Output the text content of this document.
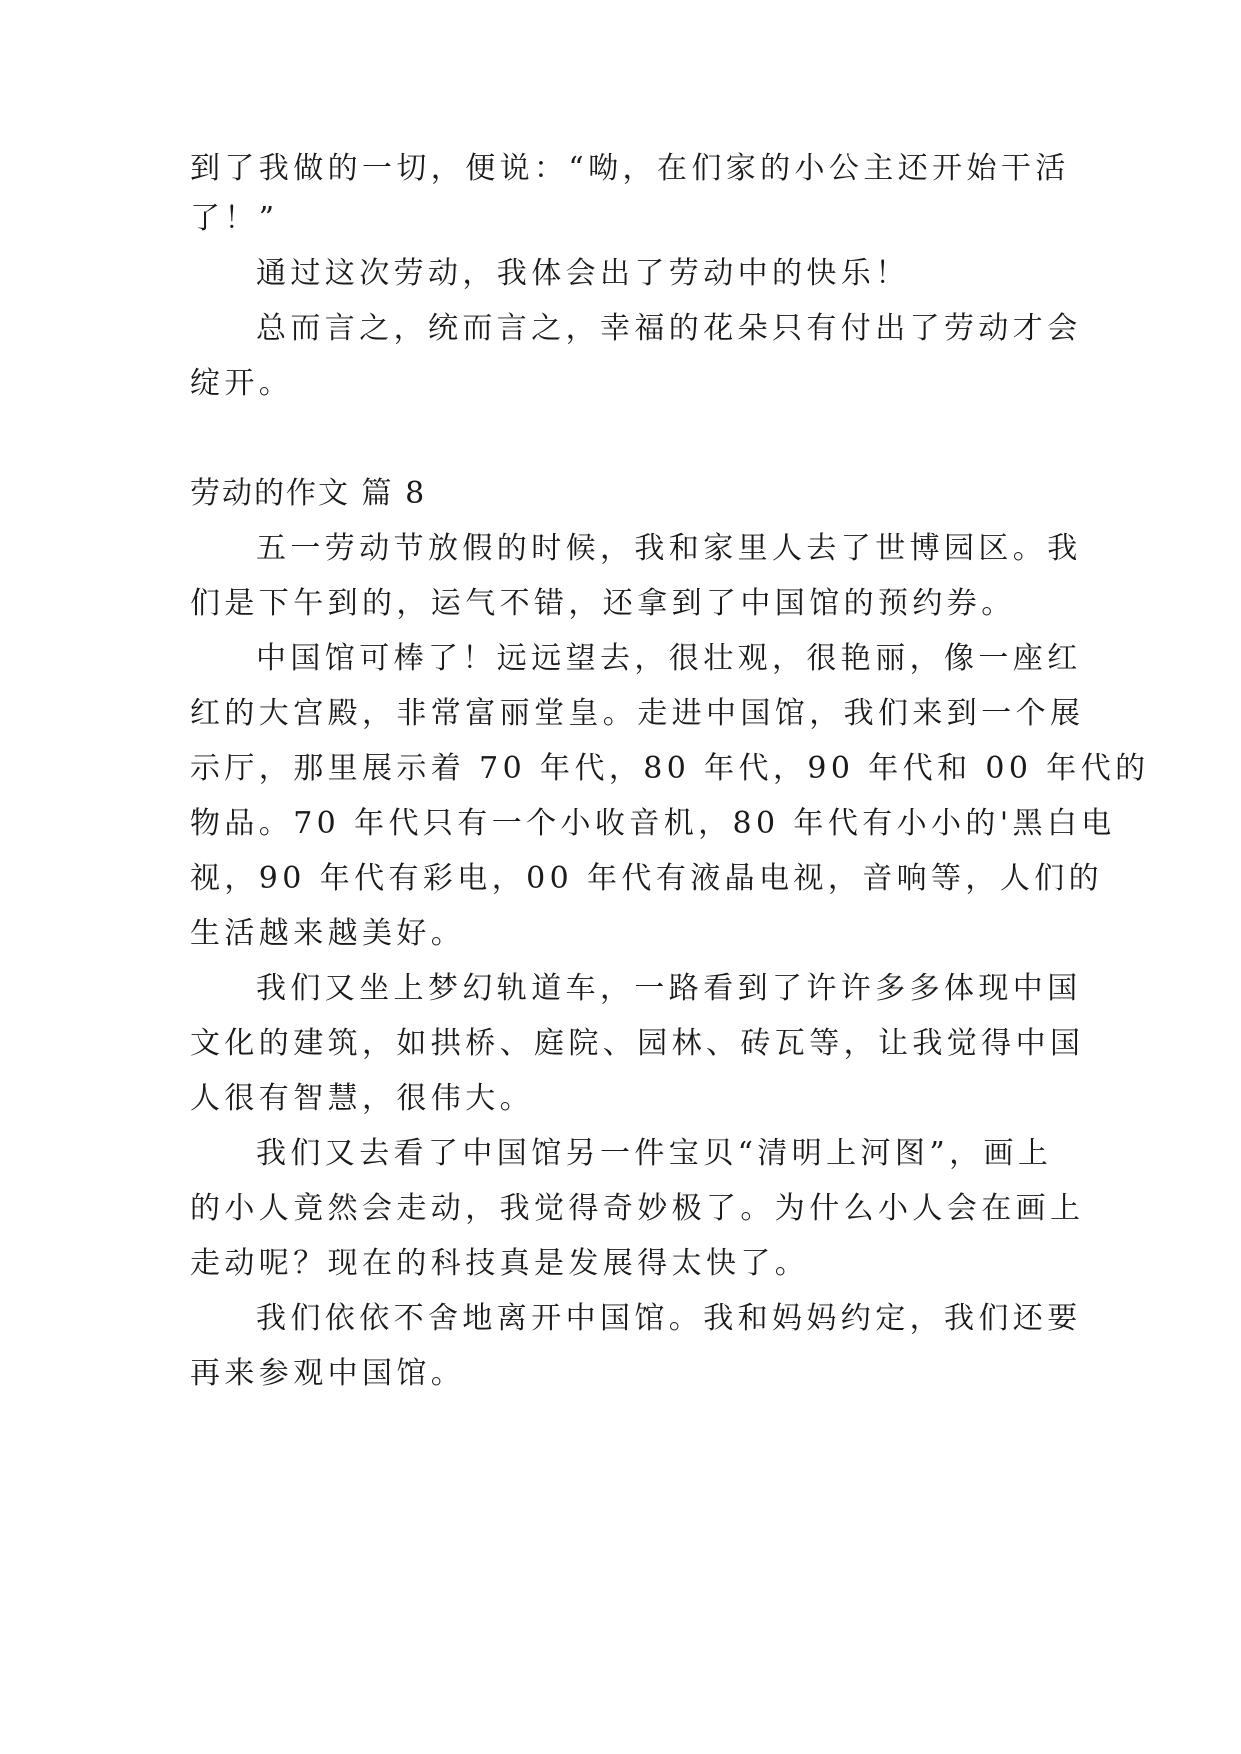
到了我做的一切，便说：“呦，在们家的小公主还开始干活
了！”
通过这次劳动，我体会出了劳动中的快乐！
总而言之，统而言之，幸福的花朵只有付出了劳动才会
绽开。
劳动的作文 篇 8
五一劳动节放假的时候，我和家里人去了世博园区。我
们是下午到的，运气不错，还拿到了中国馆的预约券。
中国馆可棒了！远远望去，很壮观，很艳丽，像一座红
红的大宫殿，非常富丽堂皇。走进中国馆，我们来到一个展
示厅，那里展示着 70 年代，80 年代，90 年代和 00 年代的
物品。70 年代只有一个小收音机，80 年代有小小的'黑白电
视，90 年代有彩电，00 年代有液晶电视，音响等，人们的
生活越来越美好。
我们又坐上梦幻轨道车，一路看到了许许多多体现中国
文化的建筑，如拱桥、庭院、园林、砖瓦等，让我觉得中国
人很有智慧，很伟大。
我们又去看了中国馆另一件宝贝“清明上河图”，画上
的小人竟然会走动，我觉得奇妙极了。为什么小人会在画上
走动呢？现在的科技真是发展得太快了。
我们依依不舍地离开中国馆。我和妈妈约定，我们还要
再来参观中国馆。
